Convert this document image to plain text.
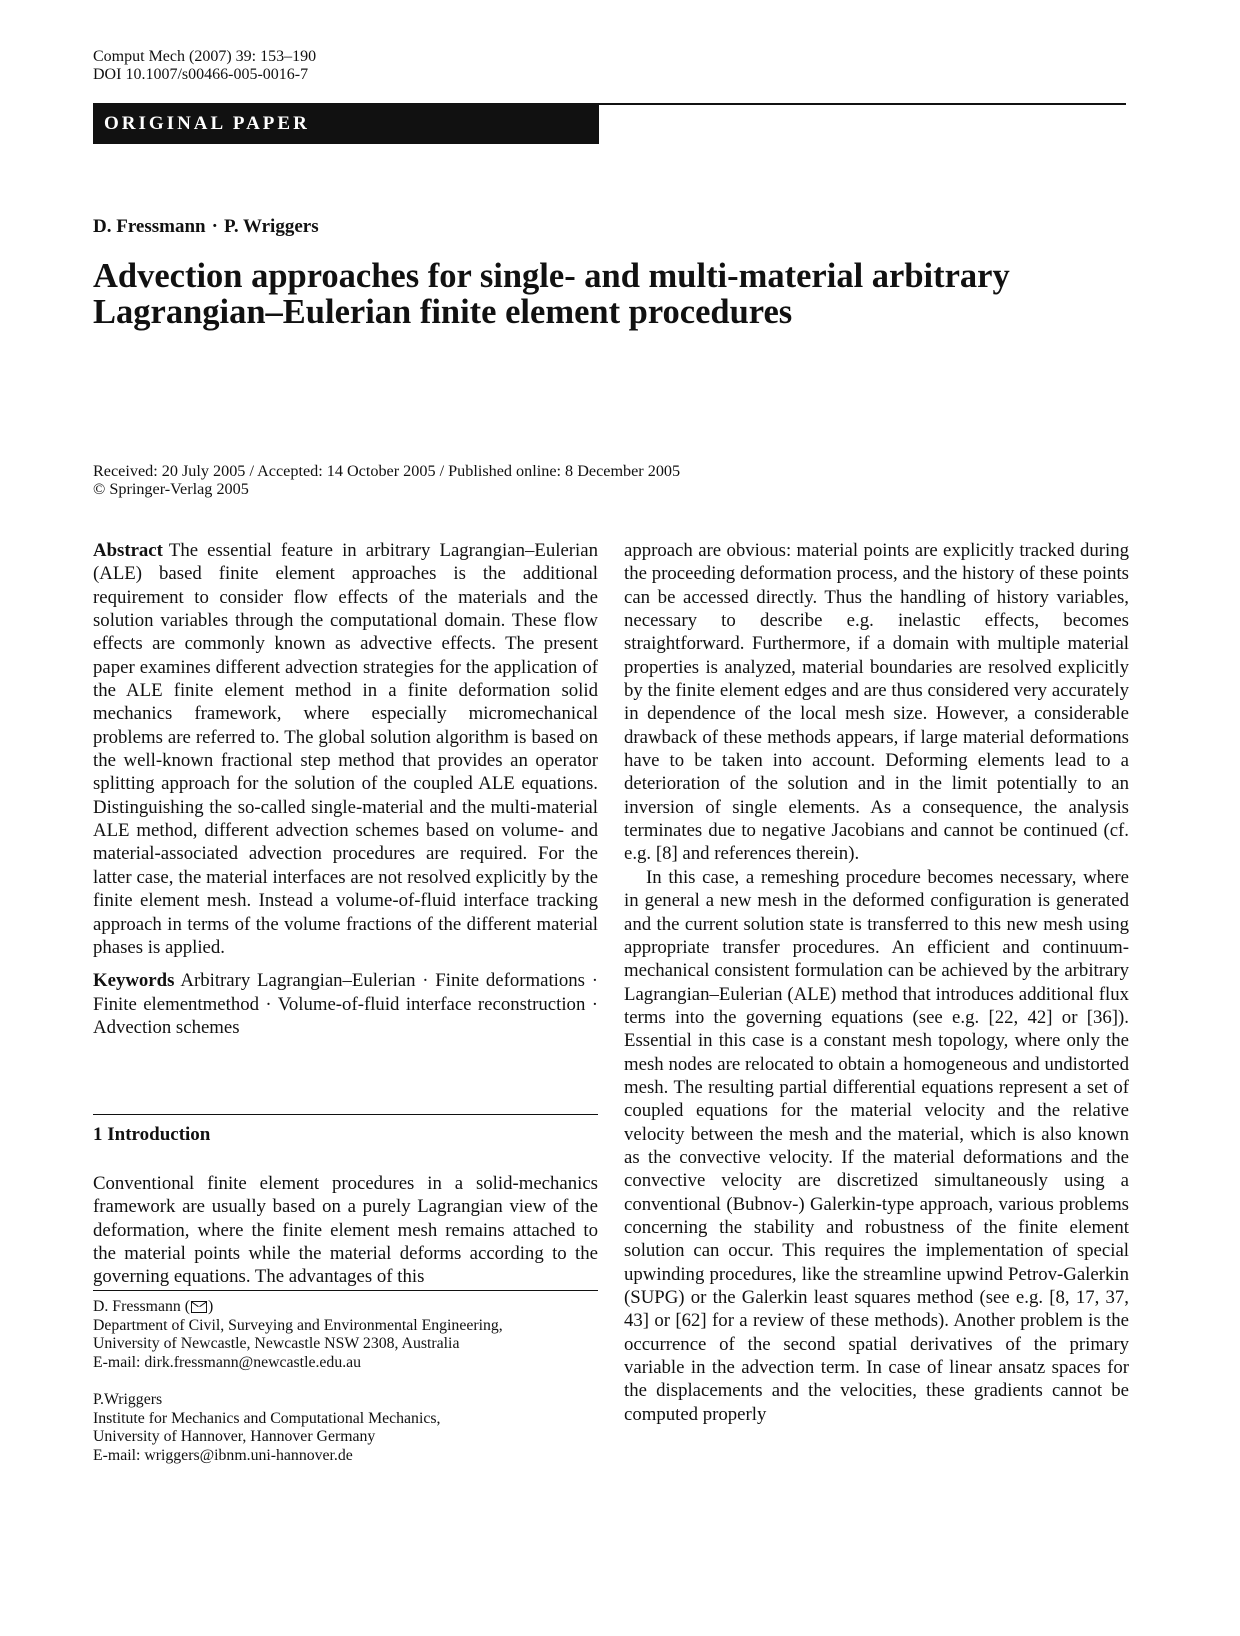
Comput Mech (2007) 39: 153–190
DOI 10.1007/s00466-005-0016-7
ORIGINAL PAPER
D. Fressmann · P. Wriggers
Advection approaches for single- and multi-material arbitrary
Lagrangian–Eulerian finite element procedures
Received: 20 July 2005 / Accepted: 14 October 2005 / Published online: 8 December 2005
© Springer-Verlag 2005

Abstract The essential feature in arbitrary Lagrangian–Eulerian (ALE) based finite element approaches is the additional requirement to consider flow effects of the materials and the solution variables through the computational domain. These flow effects are commonly known as advective effects. The present paper examines different advection strategies for the application of the ALE finite element method in a finite deformation solid mechanics framework, where especially micromechanical problems are referred to. The global solution algorithm is based on the well-known fractional step method that provides an operator splitting approach for the solution of the coupled ALE equations. Distinguishing the so-called single-material and the multi-material ALE method, different advection schemes based on volume- and material-associated advection procedures are required. For the latter case, the material interfaces are not resolved explicitly by the finite element mesh. Instead a volume-of-fluid interface tracking approach in terms of the volume fractions of the different material phases is applied.

Keywords Arbitrary Lagrangian–Eulerian · Finite deformations · Finite elementmethod · Volume-of-fluid interface reconstruction · Advection schemes

1 Introduction

Conventional finite element procedures in a solid-mechanics framework are usually based on a purely Lagrangian view of the deformation, where the finite element mesh remains attached to the material points while the material deforms according to the governing equations. The advantages of this

D. Fressmann ( )
Department of Civil, Surveying and Environmental Engineering,
University of Newcastle, Newcastle NSW 2308, Australia
E-mail: dirk.fressmann@newcastle.edu.au
P.Wriggers
Institute for Mechanics and Computational Mechanics,
University of Hannover, Hannover Germany
E-mail: wriggers@ibnm.uni-hannover.de

approach are obvious: material points are explicitly tracked during the proceeding deformation process, and the history of these points can be accessed directly. Thus the handling of history variables, necessary to describe e.g. inelastic effects, becomes straightforward. Furthermore, if a domain with multiple material properties is analyzed, material boundaries are resolved explicitly by the finite element edges and are thus considered very accurately in dependence of the local mesh size. However, a considerable drawback of these methods appears, if large material deformations have to be taken into account. Deforming elements lead to a deterioration of the solution and in the limit potentially to an inversion of single elements. As a consequence, the analysis terminates due to negative Jacobians and cannot be continued (cf. e.g. [8] and references therein).

In this case, a remeshing procedure becomes necessary, where in general a new mesh in the deformed configuration is generated and the current solution state is transferred to this new mesh using appropriate transfer procedures. An efficient and continuum-mechanical consistent formulation can be achieved by the arbitrary Lagrangian–Eulerian (ALE) method that introduces additional flux terms into the governing equations (see e.g. [22, 42] or [36]). Essential in this case is a constant mesh topology, where only the mesh nodes are relocated to obtain a homogeneous and undistorted mesh. The resulting partial differential equations represent a set of coupled equations for the material velocity and the relative velocity between the mesh and the material, which is also known as the convective velocity. If the material deformations and the convective velocity are discretized simultaneously using a conventional (Bubnov-) Galerkin-type approach, various problems concerning the stability and robustness of the finite element solution can occur. This requires the implementation of special upwinding procedures, like the streamline upwind Petrov-Galerkin (SUPG) or the Galerkin least squares method (see e.g. [8, 17, 37, 43] or [62] for a review of these methods). Another problem is the occurrence of the second spatial derivatives of the primary variable in the advection term. In case of linear ansatz spaces for the displacements and the velocities, these gradients cannot be computed properly
